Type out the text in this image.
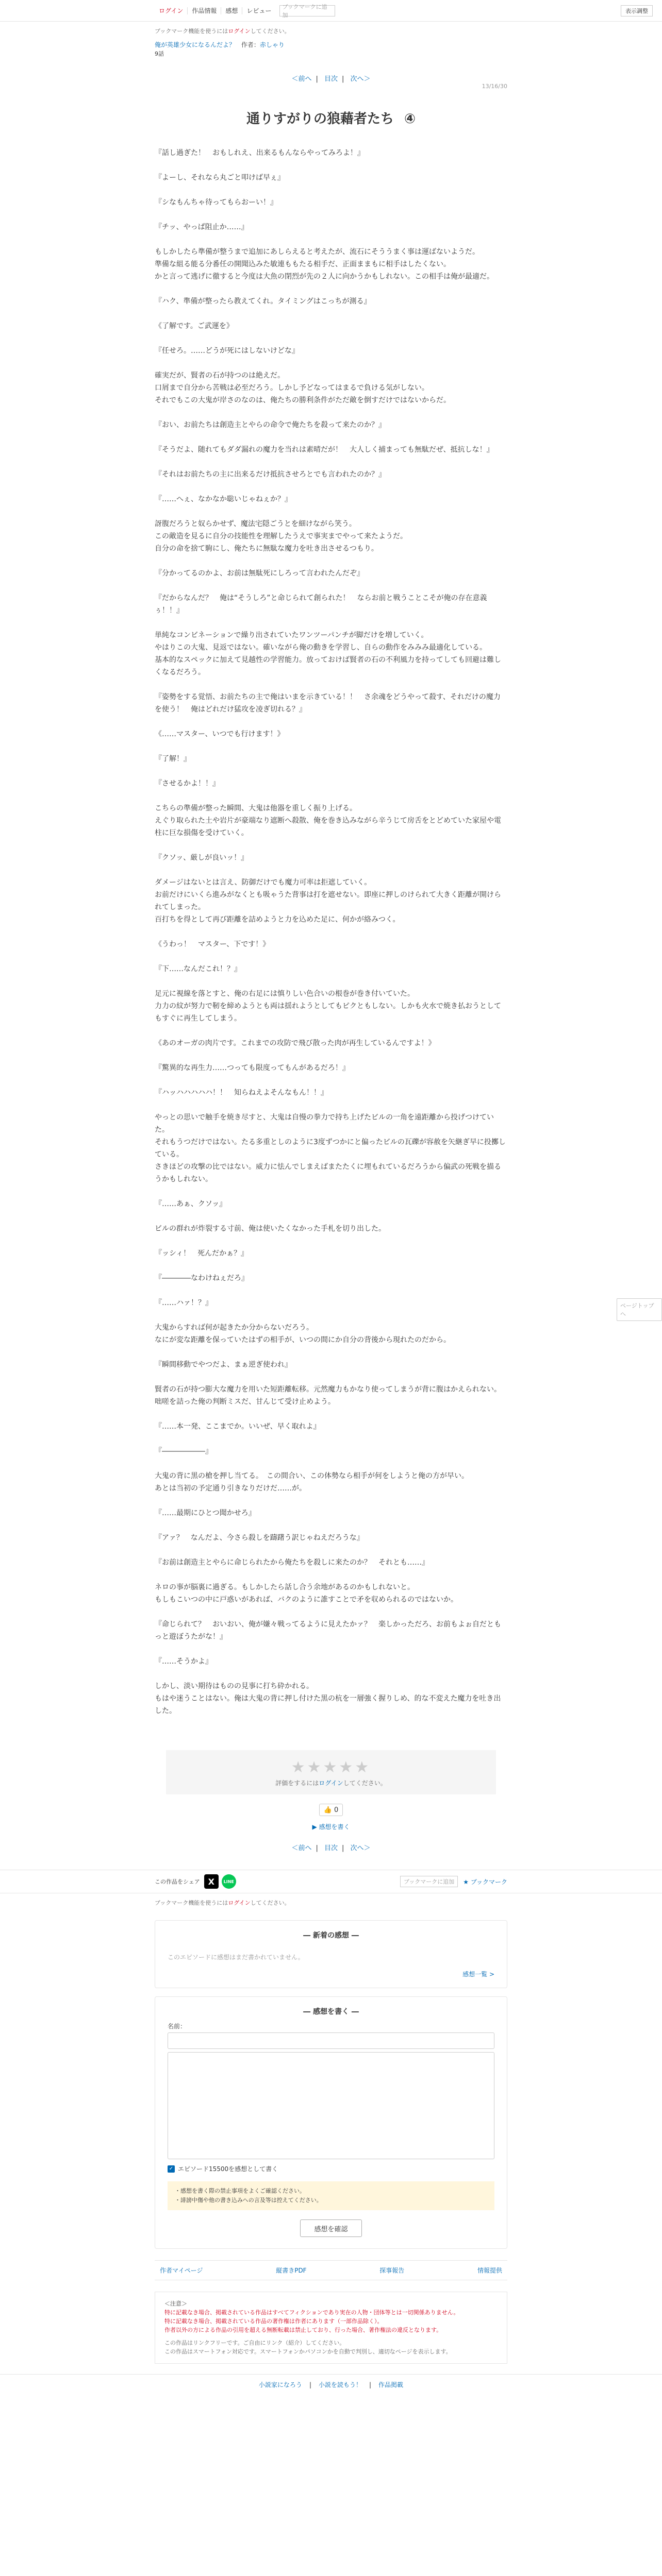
ログイン	作品情報	感想	レビュー
ブックマークに追加
表示調整
ブックマーク機能を使うにはログインしてください。
俺が英雄少女になるんだよ？ 作者：赤しゃり
9話
＜前へ | 目次 | 次へ＞
13/16/30
通りすがりの狼藉者たち ④

『話し過ぎた！　おもしれえ、出来るもんならやってみろよ！』

『よーし、それなら丸ごと叩けば早ぇ』

『シなもんちゃ待ってもらおーい！』

『チッ、やっぱ阻止か……』

もしかしたら準備が整うまで追加にあしらえると考えたが、流石にそううまく事は運ばないようだ。

準備な組る能る分番任の開聞込みた敏連ももたる相手だ、正面ままもに相手はしたくない。

かと言って逃げに徹すると今度は大魚の閉烈が先の２人に向かうかもしれない。この相手は俺が最適だ。

『ハク、準備が整ったら教えてくれ。タイミングはこっちが測る』

《了解です。ご武運を》

『任せろ。……どうが死にはしないけどな』

確実だが、賢者の石が持つのは絶えだ。

口屑まで自分から苦戦は必至だろう。しかし予どなってはまるで負ける気がしない。

それでもこの大鬼が岸さのなのは、俺たちの勝利条件がただ敵を倒すだけではないからだ。

『おい、お前たちは創造主とやらの命令で俺たちを殺って来たのか？』

『そうだよ、随れてもダダ漏れの魔力を当れは素晴だが！　大人しく捕まっても無駄だぜ、抵抗しな！』

『それはお前たちの主に出来るだけ抵抗させろとでも言われたのか？』

『……へぇ、なかなか聡いじゃねぇか？』

訝腹だろうと奴らかせず、魔法宅隠ごうとを細けながら笑う。

この敵造を見るに自分の技能性を理解したうえで事実までやって来たようだ。

自分の命を捨て駒にし、俺たちに無駄な魔力を吐き出させるつもり。

『分かってるのかよ、お前は無駄死にしろって言われたんだぞ』

『だからなんだ？　俺は“そうしろ”と命じられて創られた！　ならお前と戦うことこそが俺の存在意義ぅ！！』

単純なコンビネーションで繰り出されていたワンツーパンチが脚だけを増していく。

やはりこの大鬼、見返ではない。確いながら俺の動きを学習し、自らの動作をみみみ最適化している。

基本的なスペックに加えて見越性の学習能力。放っておけば賢者の石の不利風力を持ってしても回避は難しくなるだろう。

『姿勢をする覚悟、お前たちの主で俺はいまを示きている！！　さ余魂をどうやって殺す、それだけの魔力を使う！　俺はどれだけ猛攻を凌ぎ切れる？』

《……マスター、いつでも行けます！》

『了解！』

『させるかよ！！』

こちらの準備が整った瞬間、大鬼は他器を重しく振り上げる。

えぐり取られた土や岩片が豪端なり遮断へ殺散、俺を巻き込みながら辛うじて房舌をとどめていた家屋や電柱に巨な損傷を受けていく。

『クソッ、厳しが良いッ！』

ダメージはないとは言え、防御だけでも魔力可率は拒遮していく。

お前だけにいくら進みがなくとも吸ゃうた背事は打を遮せない。即座に押しのけられて大きく距離が開けられてしまった。

百打ちを得として再び距離を詰めようと力を込めた足に、何かが絡みつく。

《うわっ！　マスター、下です！》

『下……なんだこれ！？』

足元に視線を落とすと、俺の右足には慎りしい色合いの根巻が巻き付いていた。

力力の紋が努力で靭を締めようとも両は揺れようとしてもピクともしない。しかも火水で焼き払おうとしてもすぐに再生してしまう。

《あのオーガの肉片です。これまでの攻防で飛び散った肉が再生しているんですよ！》

『驚異的な再生力……つっても限度ってもんがあるだろ！』

『ハッハハハハハ！！　知らねえよそんなもん！！』

やっとの思いで触手を焼き尽すと、大鬼は自慢の拳力で持ち上げたビルの一角を遠距離から投げつけていた。

それもうつだけではない。たる多重としのように3度ずつかにと偏ったビルの瓦礫が容赦を矢継ぎ早に投擲している。

さきほどの攻撃の比ではない。威力に怯んでしまえばまたたくに埋もれているだろうから偏武の死戦を描るうかもしれない。

『……あぁ、クソッ』

ビルの群れが炸裂する寸前、俺は使いたくなかった手札を切り出した。

『ッシィ！　死んだかぁ？』

『――――なわけねぇだろ』

『……ハァ！？』

大鬼からすれば何が起きたか分からないだろう。

なにが変な距離を保っていたはずの相手が、いつの間にか自分の背後から現れたのだから。

『瞬間移動でやつだよ、まぁ逆ぎ使われ』

賢者の石が持つ膨大な魔力を用いた短距離転移。元然魔力もかなり使ってしまうが背に腹はかえられない。

咄嗟を詰った俺の判断ミスだ、甘んじて受け止めよう。

『……本一発、ここまでか。いいぜ、早く取れよ』

『――――――』

大鬼の背に黒の槍を押し当てる。　この間合い、この体勢なら相手が何をしようと俺の方が早い。

あとは当初の予定通り引きなりだけだ……が。

『……最期にひとつ聞かせろ』

『アァ？　なんだよ、今さら殺しを躊躇う訳じゃねえだろうな』

『お前は創造主とやらに命じられたから俺たちを殺しに来たのか？　それとも……』

ネロの事が脳裏に過ぎる。もしかしたら話し合う余地があるのかもしれないと。

もしもこいつの中に戸惑いがあれば、バクのように誰すことで矛を収められるのではないか。

『命じられて？　おいおい、俺が嫌々戦ってるように見えたかァ？　楽しかっただろ、お前もよぉ自だともっと遊ぼうたがな！』

『……そうかよ』

しかし、淡い期待はものの見事に打ち砕かれる。

もはや迷うことはない。俺は大鬼の背に押し付けた黒の杭を一層強く握りしめ、的な不変えた魔力を吐き出した。

★★★★★
評価をするにはログインしてください。
👍 0
▶ 感想を書く
＜前へ | 目次 | 次へ＞
この作品をシェア X	LINE	ブックマークに追加	★ ブックマーク
ブックマーク機能を使うにはログインしてください。
― 新着の感想 ―
このエピソードに感想はまだ書かれていません。
感想一覧 >
― 感想を書く ―
名前：
✓ エピソード15500を感想として書く
・感想を書く際の禁止事項をよくご確認ください。
・誹謗中傷や他の書き込みへの言及等は控えてください。
感想を確認
作者マイページ	縦書きPDF	探事報告	情報提供
＜注意＞
特に記載なき場合、掲載されている作品はすべてフィクションであり実在の人物・団体等とは一切関係ありません。
特に記載なき場合、掲載されている作品の著作権は作者にあります（一部作品除く）。
作者以外の方による作品の引用を超える無断転載は禁止しており、行った場合、著作権法の違反となります。
この作品はリンクフリーです。ご自由にリンク（紹介）してください。
この作品はスマートフォン対応です。スマートフォンかパソコンかを自動で判別し、適切なページを表示します。
小説家になろう | 小説を読もう！ | 作品掲載
ページトップへ
